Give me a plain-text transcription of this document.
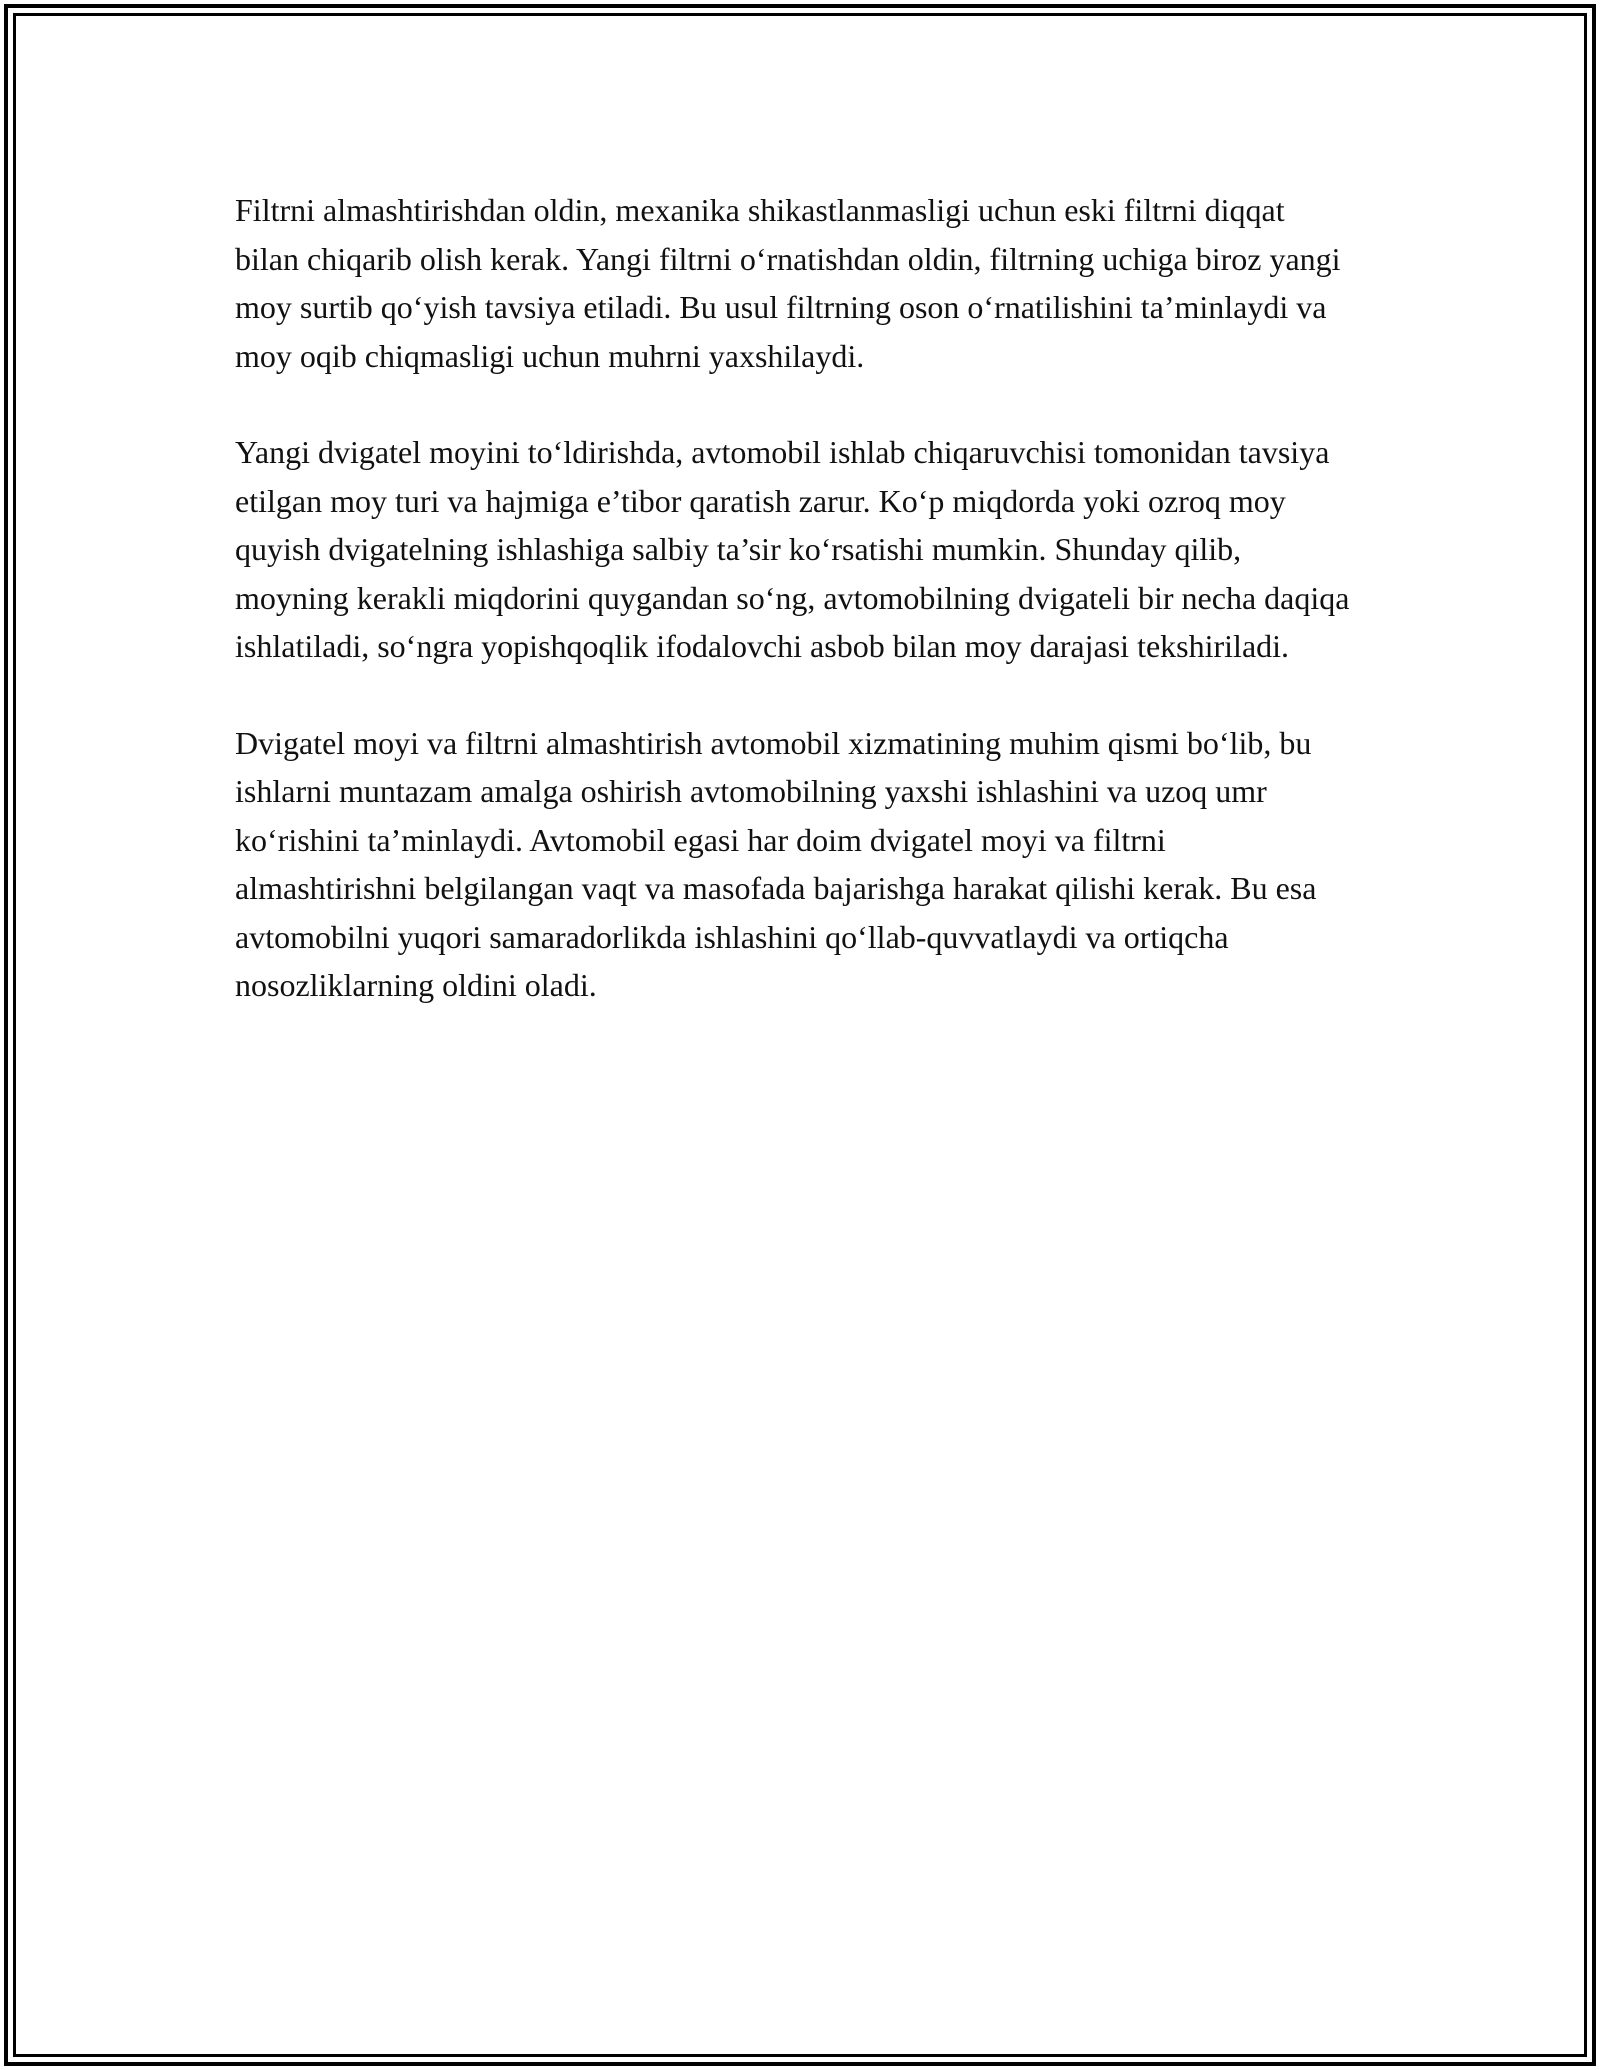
Filtrni almashtirishdan oldin, mexanika shikastlanmasligi uchun eski filtrni diqqat bilan chiqarib olish kerak. Yangi filtrni o‘rnatishdan oldin, filtrning uchiga biroz yangi moy surtib qo‘yish tavsiya etiladi. Bu usul filtrning oson o‘rnatilishini ta’minlaydi va moy oqib chiqmasligi uchun muhrni yaxshilaydi.

Yangi dvigatel moyini to‘ldirishda, avtomobil ishlab chiqaruvchisi tomonidan tavsiya etilgan moy turi va hajmiga e’tibor qaratish zarur. Ko‘p miqdorda yoki ozroq moy quyish dvigatelning ishlashiga salbiy ta’sir ko‘rsatishi mumkin. Shunday qilib, moyning kerakli miqdorini quygandan so‘ng, avtomobilning dvigateli bir necha daqiqa ishlatiladi, so‘ngra yopishqoqlik ifodalovchi asbob bilan moy darajasi tekshiriladi.

Dvigatel moyi va filtrni almashtirish avtomobil xizmatining muhim qismi bo‘lib, bu ishlarni muntazam amalga oshirish avtomobilning yaxshi ishlashini va uzoq umr ko‘rishini ta’minlaydi. Avtomobil egasi har doim dvigatel moyi va filtrni almashtirishni belgilangan vaqt va masofada bajarishga harakat qilishi kerak. Bu esa avtomobilni yuqori samaradorlikda ishlashini qo‘llab-quvvatlaydi va ortiqcha nosozliklarning oldini oladi.
